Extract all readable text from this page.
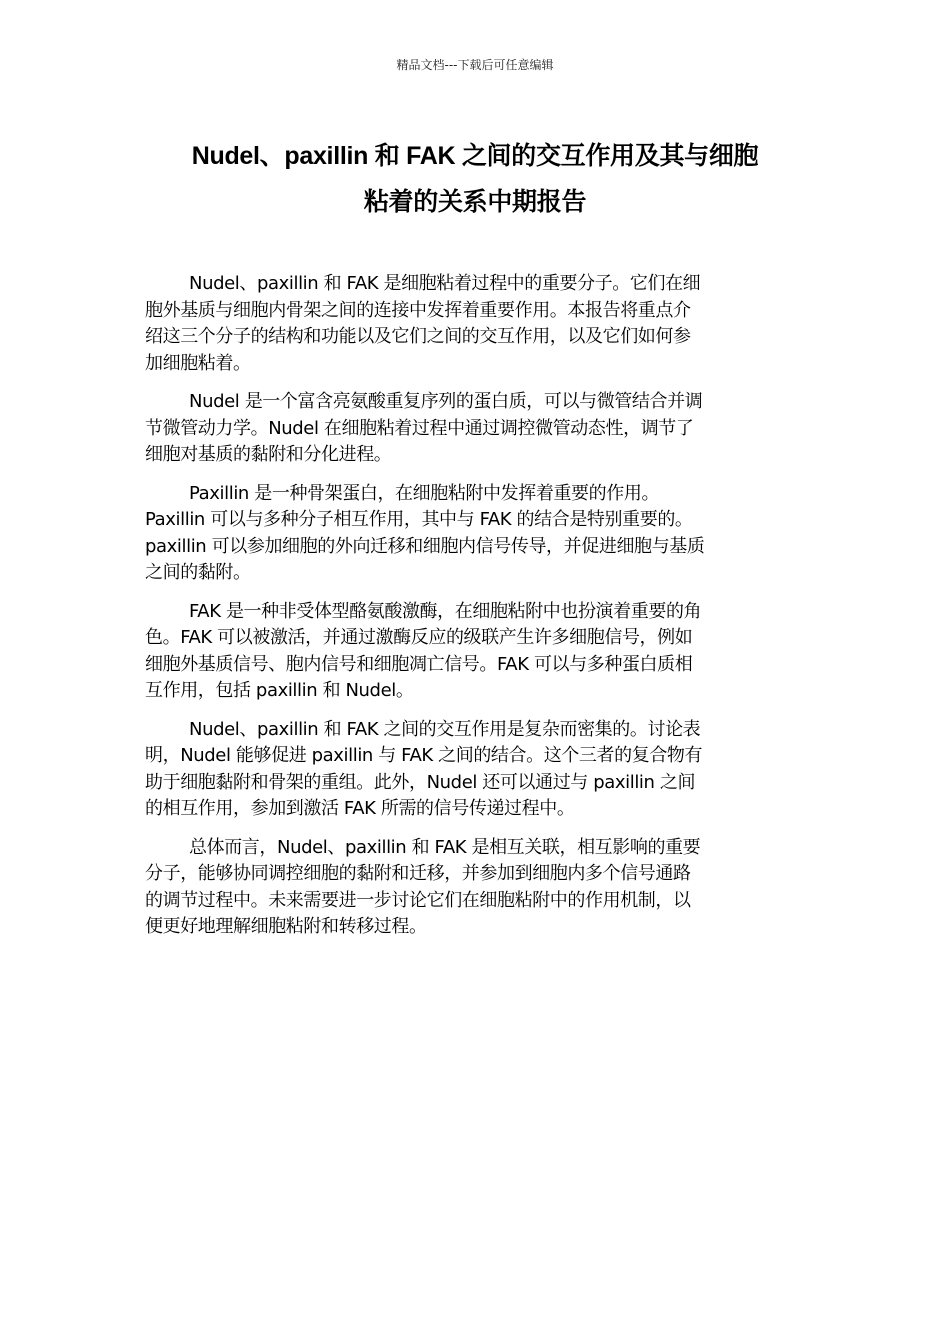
精品文档---下载后可任意编辑
Nudel、paxillin 和 FAK 之间的交互作用及其与细胞
粘着的关系中期报告

Nudel、paxillin 和 FAK 是细胞粘着过程中的重要分子。它们在细
胞外基质与细胞内骨架之间的连接中发挥着重要作用。本报告将重点介
绍这三个分子的结构和功能以及它们之间的交互作用，以及它们如何参
加细胞粘着。

Nudel 是一个富含亮氨酸重复序列的蛋白质，可以与微管结合并调
节微管动力学。Nudel 在细胞粘着过程中通过调控微管动态性，调节了
细胞对基质的黏附和分化进程。

Paxillin 是一种骨架蛋白，在细胞粘附中发挥着重要的作用。
Paxillin 可以与多种分子相互作用，其中与 FAK 的结合是特别重要的。
paxillin 可以参加细胞的外向迁移和细胞内信号传导，并促进细胞与基质
之间的黏附。

FAK 是一种非受体型酪氨酸激酶，在细胞粘附中也扮演着重要的角
色。FAK 可以被激活，并通过激酶反应的级联产生许多细胞信号，例如
细胞外基质信号、胞内信号和细胞凋亡信号。FAK 可以与多种蛋白质相
互作用，包括 paxillin 和 Nudel。

Nudel、paxillin 和 FAK 之间的交互作用是复杂而密集的。讨论表
明，Nudel 能够促进 paxillin 与 FAK 之间的结合。这个三者的复合物有
助于细胞黏附和骨架的重组。此外，Nudel 还可以通过与 paxillin 之间
的相互作用，参加到激活 FAK 所需的信号传递过程中。

总体而言，Nudel、paxillin 和 FAK 是相互关联，相互影响的重要
分子，能够协同调控细胞的黏附和迁移，并参加到细胞内多个信号通路
的调节过程中。未来需要进一步讨论它们在细胞粘附中的作用机制，以
便更好地理解细胞粘附和转移过程。
